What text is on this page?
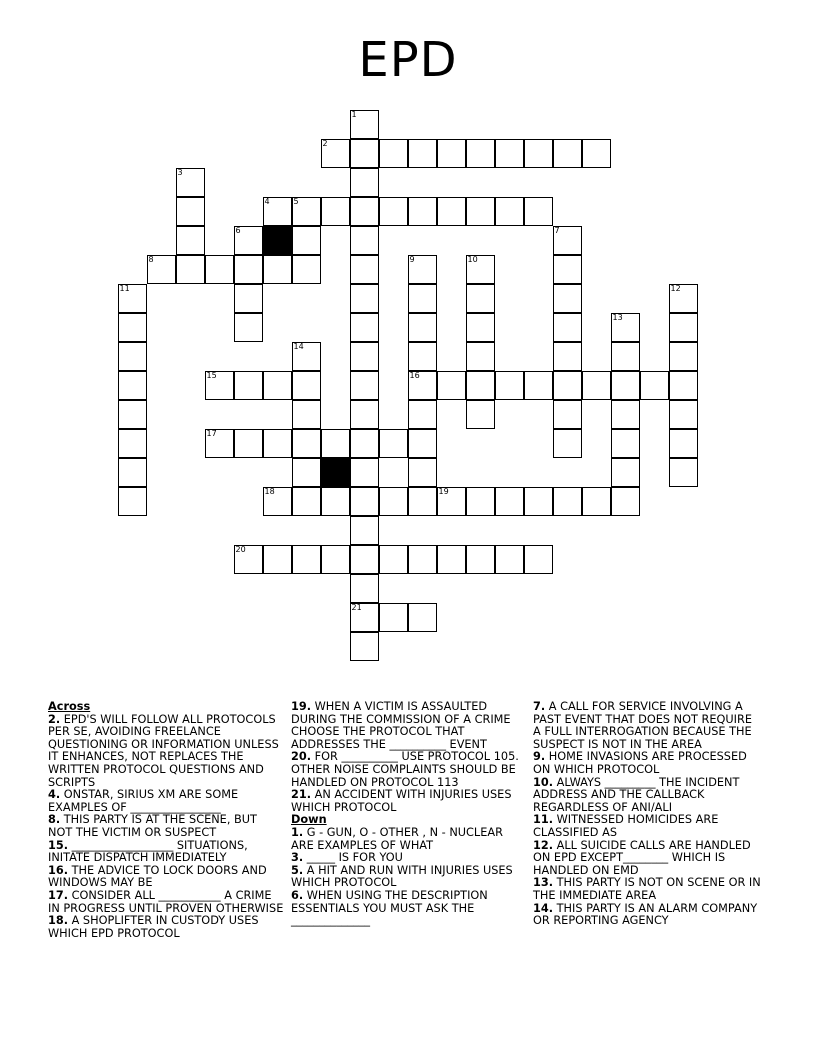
EPD
1
21
2
3
4	5
6	7
8	9
16
10
11	12
13
14
15
17
18	19
20
Across
2. EPD'S WILL FOLLOW ALL PROTOCOLS PER SE, AVOIDING FREELANCE QUESTIONING OR INFORMATION UNLESS IT ENHANCES, NOT REPLACES THE WRITTEN PROTOCOL QUESTIONS AND SCRIPTS
4. ONSTAR, SIRIUS XM ARE SOME EXAMPLES OF ________________
8. THIS PARTY IS AT THE SCENE, BUT NOT THE VICTIM OR SUSPECT
15. __________________ SITUATIONS, INITATE DISPATCH IMMEDIATELY
16. THE ADVICE TO LOCK DOORS AND WINDOWS MAY BE
17. CONSIDER ALL ___________ A CRIME IN PROGRESS UNTIL PROVEN OTHERWISE
18. A SHOPLIFTER IN CUSTODY USES WHICH EPD PROTOCOL
19. WHEN A VICTIM IS ASSAULTED DURING THE COMMISSION OF A CRIME CHOOSE THE PROTOCOL THAT ADDRESSES THE __________ EVENT
20. FOR __________ USE PROTOCOL 105. OTHER NOISE COMPLAINTS SHOULD BE HANDLED ON PROTOCOL 113
21. AN ACCIDENT WITH INJURIES USES WHICH PROTOCOL
Down
1. G - GUN, O - OTHER , N - NUCLEAR ARE EXAMPLES OF WHAT
3. _____ IS FOR YOU
5. A HIT AND RUN WITH INJURIES USES WHICH PROTOCOL
6. WHEN USING THE DESCRIPTION ESSENTIALS YOU MUST ASK THE ______________
7. A CALL FOR SERVICE INVOLVING A PAST EVENT THAT DOES NOT REQUIRE A FULL INTERROGATION BECAUSE THE SUSPECT IS NOT IN THE AREA
9. HOME INVASIONS ARE PROCESSED ON WHICH PROTOCOL
10. ALWAYS _________ THE INCIDENT ADDRESS AND THE CALLBACK REGARDLESS OF ANI/ALI
11. WITNESSED HOMICIDES ARE CLASSIFIED AS
12. ALL SUICIDE CALLS ARE HANDLED ON EPD EXCEPT________ WHICH IS HANDLED ON EMD
13. THIS PARTY IS NOT ON SCENE OR IN THE IMMEDIATE AREA
14. THIS PARTY IS AN ALARM COMPANY OR REPORTING AGENCY
